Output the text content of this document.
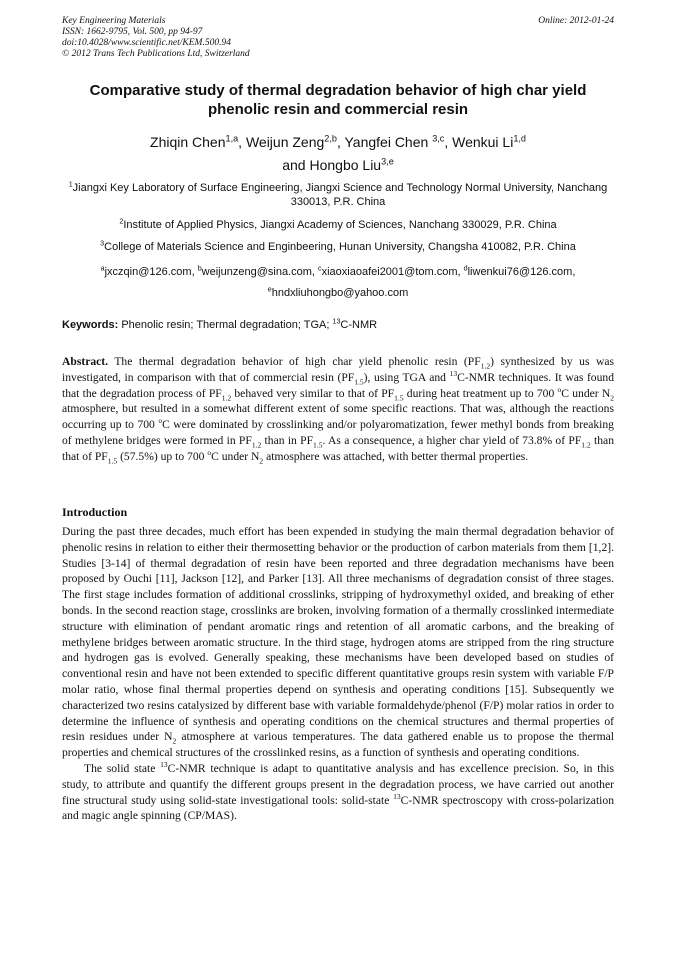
Key Engineering Materials
ISSN: 1662-9795, Vol. 500, pp 94-97
doi:10.4028/www.scientific.net/KEM.500.94
© 2012 Trans Tech Publications Ltd, Switzerland
Online: 2012-01-24
Comparative study of thermal degradation behavior of high char yield
phenolic resin and commercial resin
Zhiqin Chen$^{1,a}$, Weijun Zeng$^{2,b}$, Yangfei Chen $^{3,c}$, Wenkui Li$^{1,d}$
and Hongbo Liu$^{3,e}$
$^1$Jiangxi Key Laboratory of Surface Engineering, Jiangxi Science and Technology Normal University, Nanchang 330013, P.R. China
$^2$Institute of Applied Physics, Jiangxi Academy of Sciences, Nanchang 330029, P.R. China
$^3$College of Materials Science and Enginbeering, Hunan University, Changsha 410082, P.R. China
$^a$jxczqin@126.com, $^b$weijunzeng@sina.com, $^c$xiaoxiaoafei2001@tom.com, $^d$liwenkui76@126.com,
$^e$hndxliuhongbo@yahoo.com
Keywords: Phenolic resin; Thermal degradation; TGA; $^{13}$C-NMR
Abstract. The thermal degradation behavior of high char yield phenolic resin $(PF_{1.2})$ synthesized by us was investigated, in comparison with that of commercial resin $(PF_{1.5})$, using TGA and $^{13}$C-NMR techniques. It was found that the degradation process of $PF_{1.2}$ behaved very similar to that of $PF_{1.5}$ during heat treatment up to 700 $^o$C under $N_2$ atmosphere, but resulted in a somewhat different extent of some specific reactions. That was, although the reactions occurring up to 700 $^o$C were dominated by crosslinking and/or polyaromatization, fewer methyl bonds from breaking of methylene bridges were formed in $PF_{1.2}$ than in $PF_{1.5}$. As a consequence, a higher char yield of 73.8% of $PF_{1.2}$ than that of $PF_{1.5}$ (57.5%) up to 700 $^o$C under $N_2$ atmosphere was attached, with better thermal properties.
Introduction

During the past three decades, much effort has been expended in studying the main thermal degradation behavior of phenolic resins in relation to either their thermosetting behavior or the production of carbon materials from them [1,2]. Studies [3-14] of thermal degradation of resin have been reported and three degradation mechanisms have been proposed by Ouchi [11], Jackson [12], and Parker [13]. All three mechanisms of degradation consist of three stages. The first stage includes formation of additional crosslinks, stripping of hydroxymethyl oxided, and breaking of ether bonds. In the second reaction stage, crosslinks are broken, involving formation of a thermally crosslinked intermediate structure with elimination of pendant aromatic rings and retention of all aromatic carbons, and the breaking of methylene bridges between aromatic structure. In the third stage, hydrogen atoms are stripped from the ring structure and hydrogen gas is evolved. Generally speaking, these mechanisms have been developed based on studies of conventional resin and have not been extended to specific different quantitative groups resin system with variable F/P molar ratio, whose final thermal properties depend on synthesis and operating conditions [15]. Subsequently we characterized two resins catalysized by different base with variable formaldehyde/phenol (F/P) molar ratios in order to determine the influence of synthesis and operating conditions on the chemical structures and thermal properties of resin residues under $N_2$ atmosphere at various temperatures. The data gathered enable us to propose the thermal properties and chemical structures of the crosslinked resins, as a function of synthesis and operating conditions.

The solid state $^{13}$C-NMR technique is adapt to quantitative analysis and has excellence precision. So, in this study, to attribute and quantify the different groups present in the degradation process, we have carried out another fine structural study using solid-state investigational tools: solid-state $^{13}$C-NMR spectroscopy with cross-polarization and magic angle spinning (CP/MAS).
